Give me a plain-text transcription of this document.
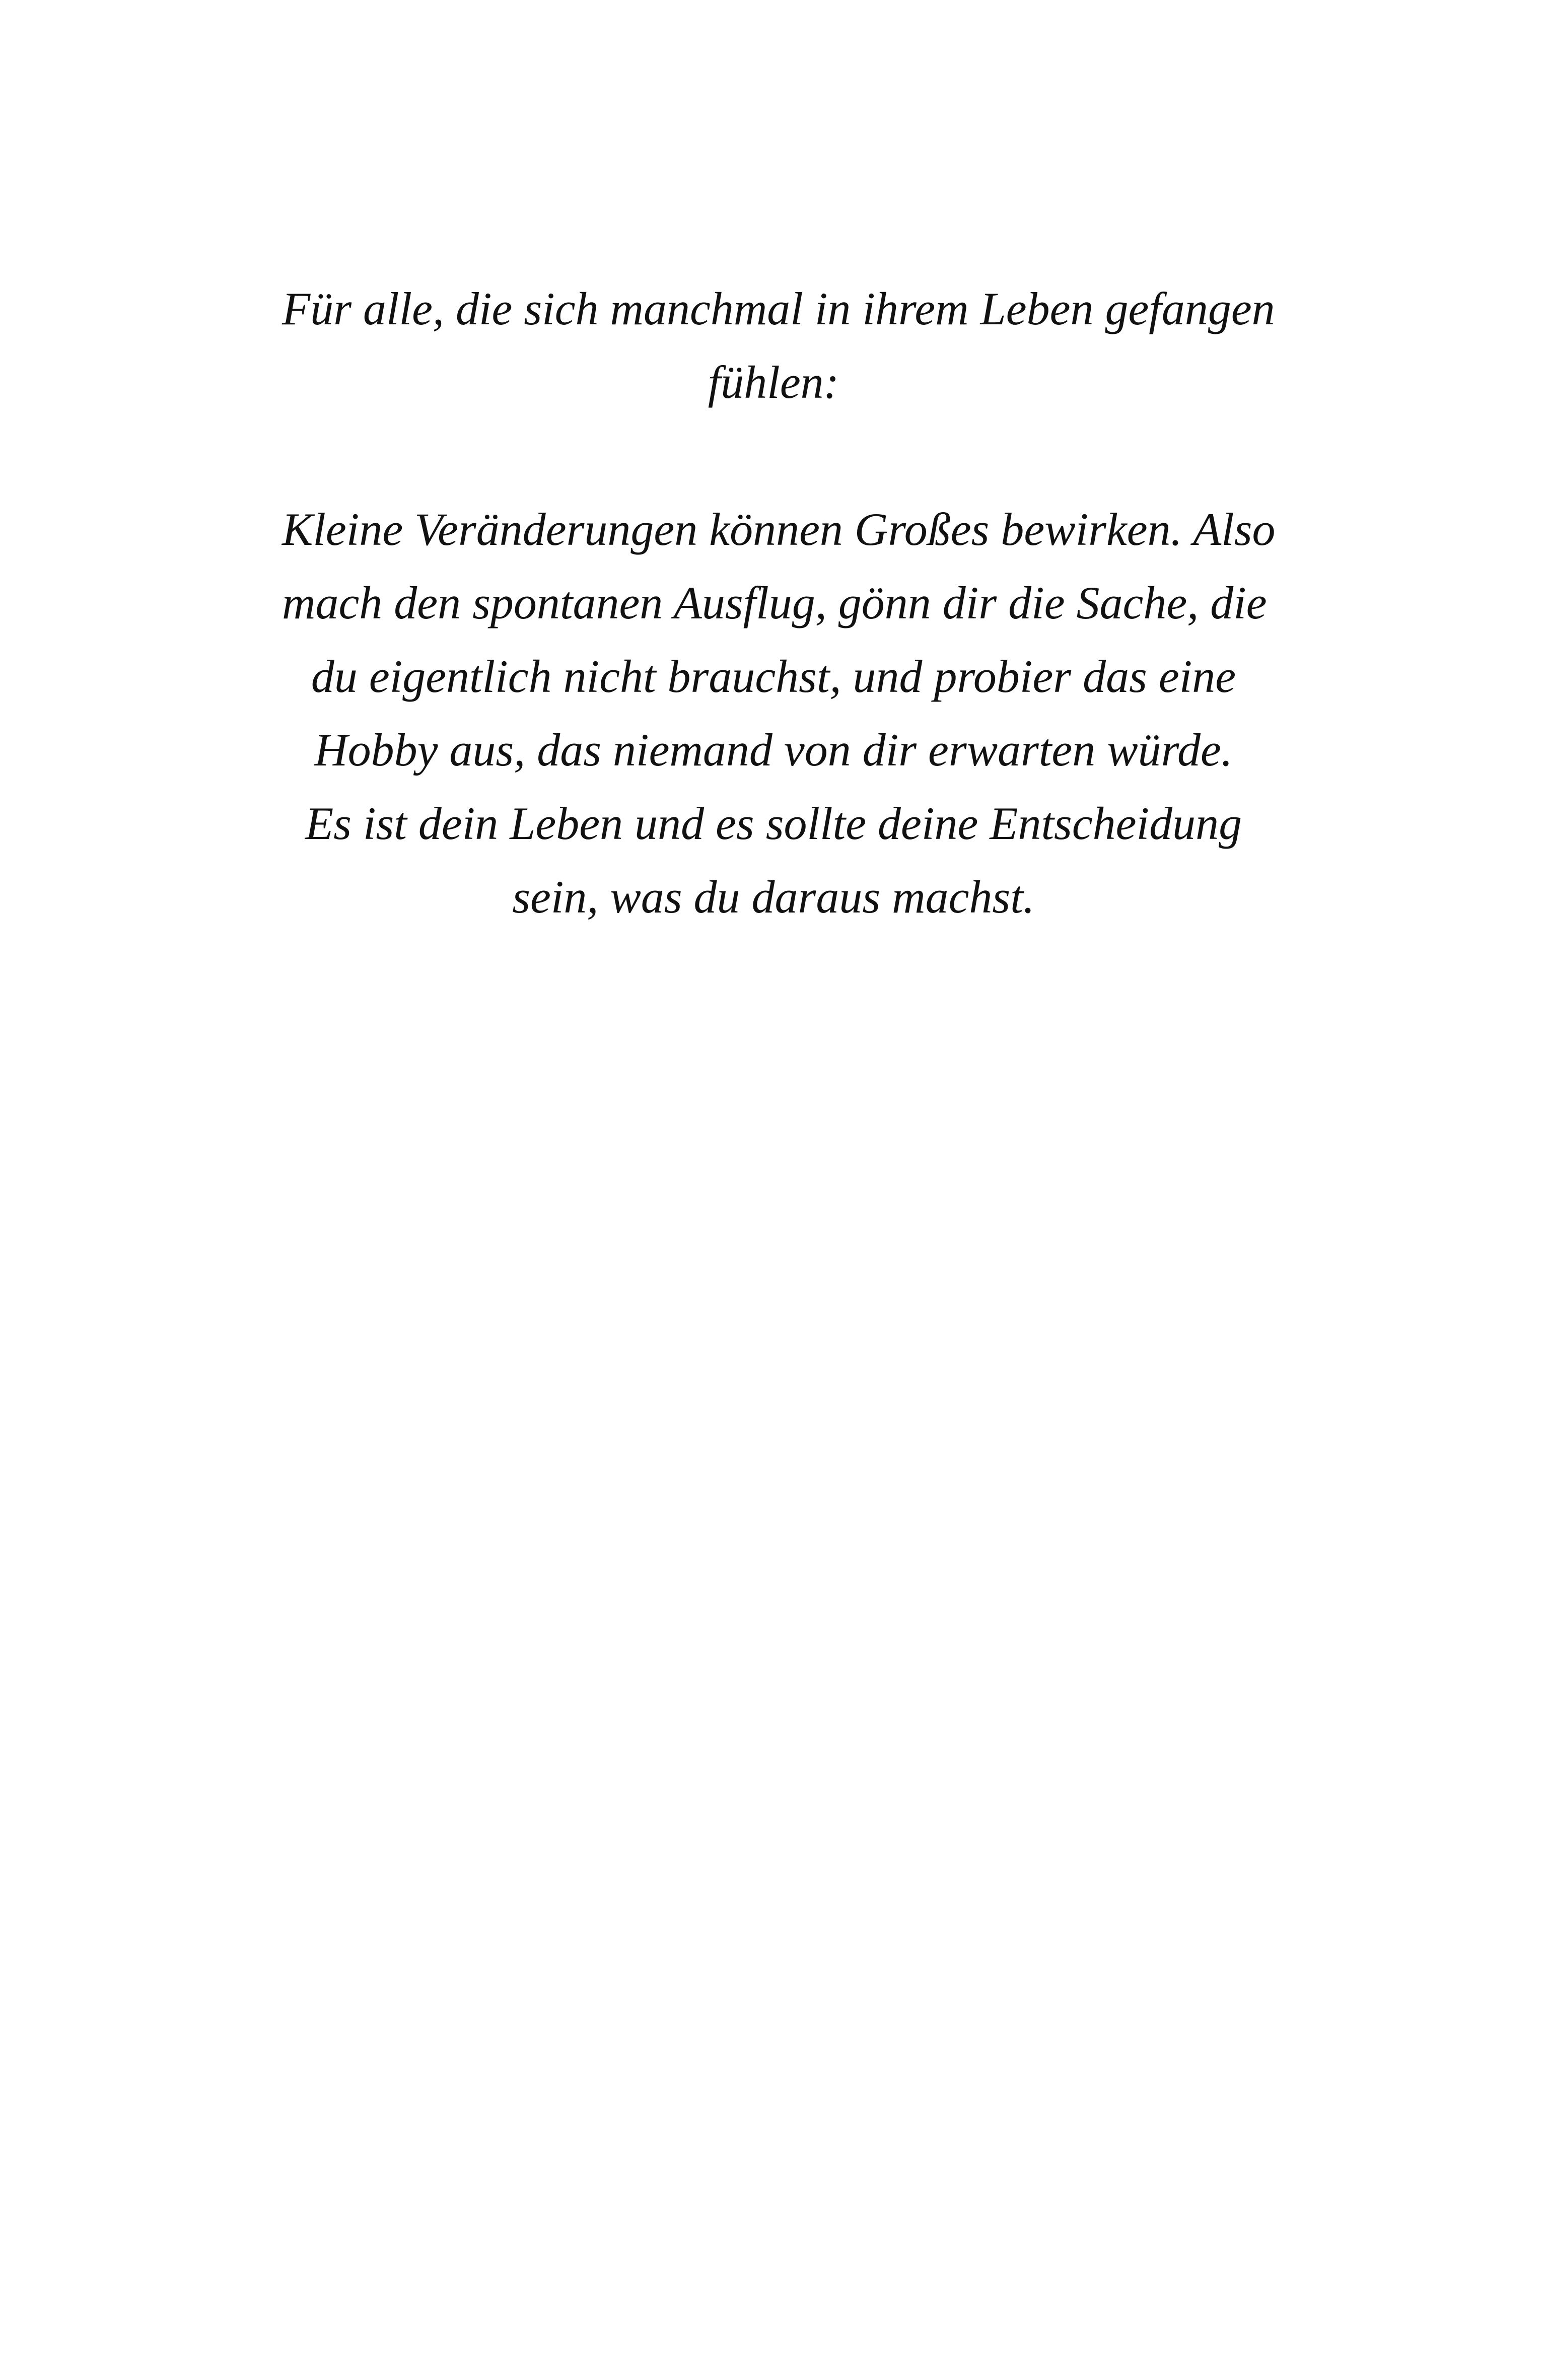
Für alle, die sich manchmal in ihrem Leben gefangen
fühlen:
Kleine Veränderungen können Großes bewirken. Also
mach den spontanen Ausflug, gönn dir die Sache, die
du eigentlich nicht brauchst, und probier das eine
Hobby aus, das niemand von dir erwarten würde.
Es ist dein Leben und es sollte deine Entscheidung
sein, was du daraus machst.
